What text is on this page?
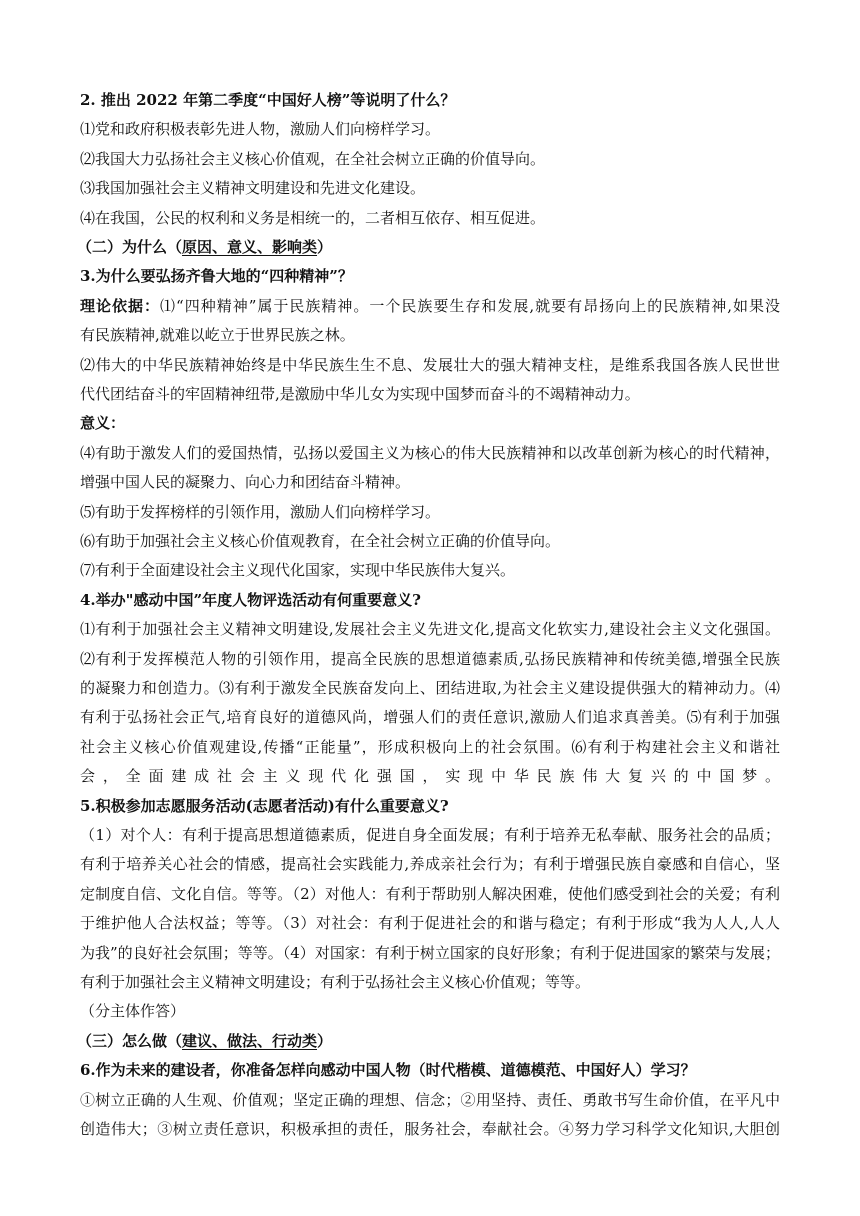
2. 推出 2022 年第二季度“中国好人榜”等说明了什么？
⑴党和政府积极表彰先进人物，激励人们向榜样学习。
⑵我国大力弘扬社会主义核心价值观，在全社会树立正确的价值导向。
⑶我国加强社会主义精神文明建设和先进文化建设。
⑷在我国，公民的权利和义务是相统一的，二者相互依存、相互促进。
（二）为什么（原因、意义、影响类）
3.为什么要弘扬齐鲁大地的“四种精神”？
理论依据：⑴“四种精神”属于民族精神。一个民族要生存和发展,就要有昂扬向上的民族精神,如果没
有民族精神,就难以屹立于世界民族之林。
⑵伟大的中华民族精神始终是中华民族生生不息、发展壮大的强大精神支柱，是维系我国各族人民世世
代代团结奋斗的牢固精神纽带,是激励中华儿女为实现中国梦而奋斗的不竭精神动力。
意义：
⑷有助于激发人们的爱国热情，弘扬以爱国主义为核心的伟大民族精神和以改革创新为核心的时代精神，
增强中国人民的凝聚力、向心力和团结奋斗精神。
⑸有助于发挥榜样的引领作用，激励人们向榜样学习。
⑹有助于加强社会主义核心价值观教育，在全社会树立正确的价值导向。
⑺有利于全面建设社会主义现代化国家，实现中华民族伟大复兴。
4.举办"感动中国”年度人物评选活动有何重要意义?
⑴有利于加强社会主义精神文明建设,发展社会主义先进文化,提高文化软实力,建设社会主义文化强国。
⑵有利于发挥模范人物的引领作用，提高全民族的思想道德素质,弘扬民族精神和传统美德,增强全民族
的凝聚力和创造力。⑶有利于激发全民族奋发向上、团结进取,为社会主义建设提供强大的精神动力。⑷
有利于弘扬社会正气,培育良好的道德风尚，增强人们的责任意识,激励人们追求真善美。⑸有利于加强
社会主义核心价值观建设,传播“正能量”，形成积极向上的社会氛围。⑹有利于构建社会主义和谐社
会，全面建成社会主义现代化强国，实现中华民族伟大复兴的中国梦。
5.积极参加志愿服务活动(志愿者活动)有什么重要意义?
（1）对个人：有利于提高思想道德素质，促进自身全面发展；有利于培养无私奉献、服务社会的品质；
有利于培养关心社会的情感，提高社会实践能力,养成亲社会行为；有利于增强民族自豪感和自信心，坚
定制度自信、文化自信。等等。（2）对他人：有利于帮助别人解决困难，使他们感受到社会的关爱；有利
于维护他人合法权益；等等。（3）对社会：有利于促进社会的和谐与稳定；有利于形成“我为人人,人人
为我”的良好社会氛围；等等。（4）对国家：有利于树立国家的良好形象；有利于促进国家的繁荣与发展；
有利于加强社会主义精神文明建设；有利于弘扬社会主义核心价值观；等等。
（分主体作答）
（三）怎么做（建议、做法、行动类）
6.作为未来的建设者，你准备怎样向感动中国人物（时代楷模、道德模范、中国好人）学习？
①树立正确的人生观、价值观；坚定正确的理想、信念；②用坚持、责任、勇敢书写生命价值，在平凡中
创造伟大；③树立责任意识，积极承担的责任，服务社会，奉献社会。④努力学习科学文化知识,大胆创
